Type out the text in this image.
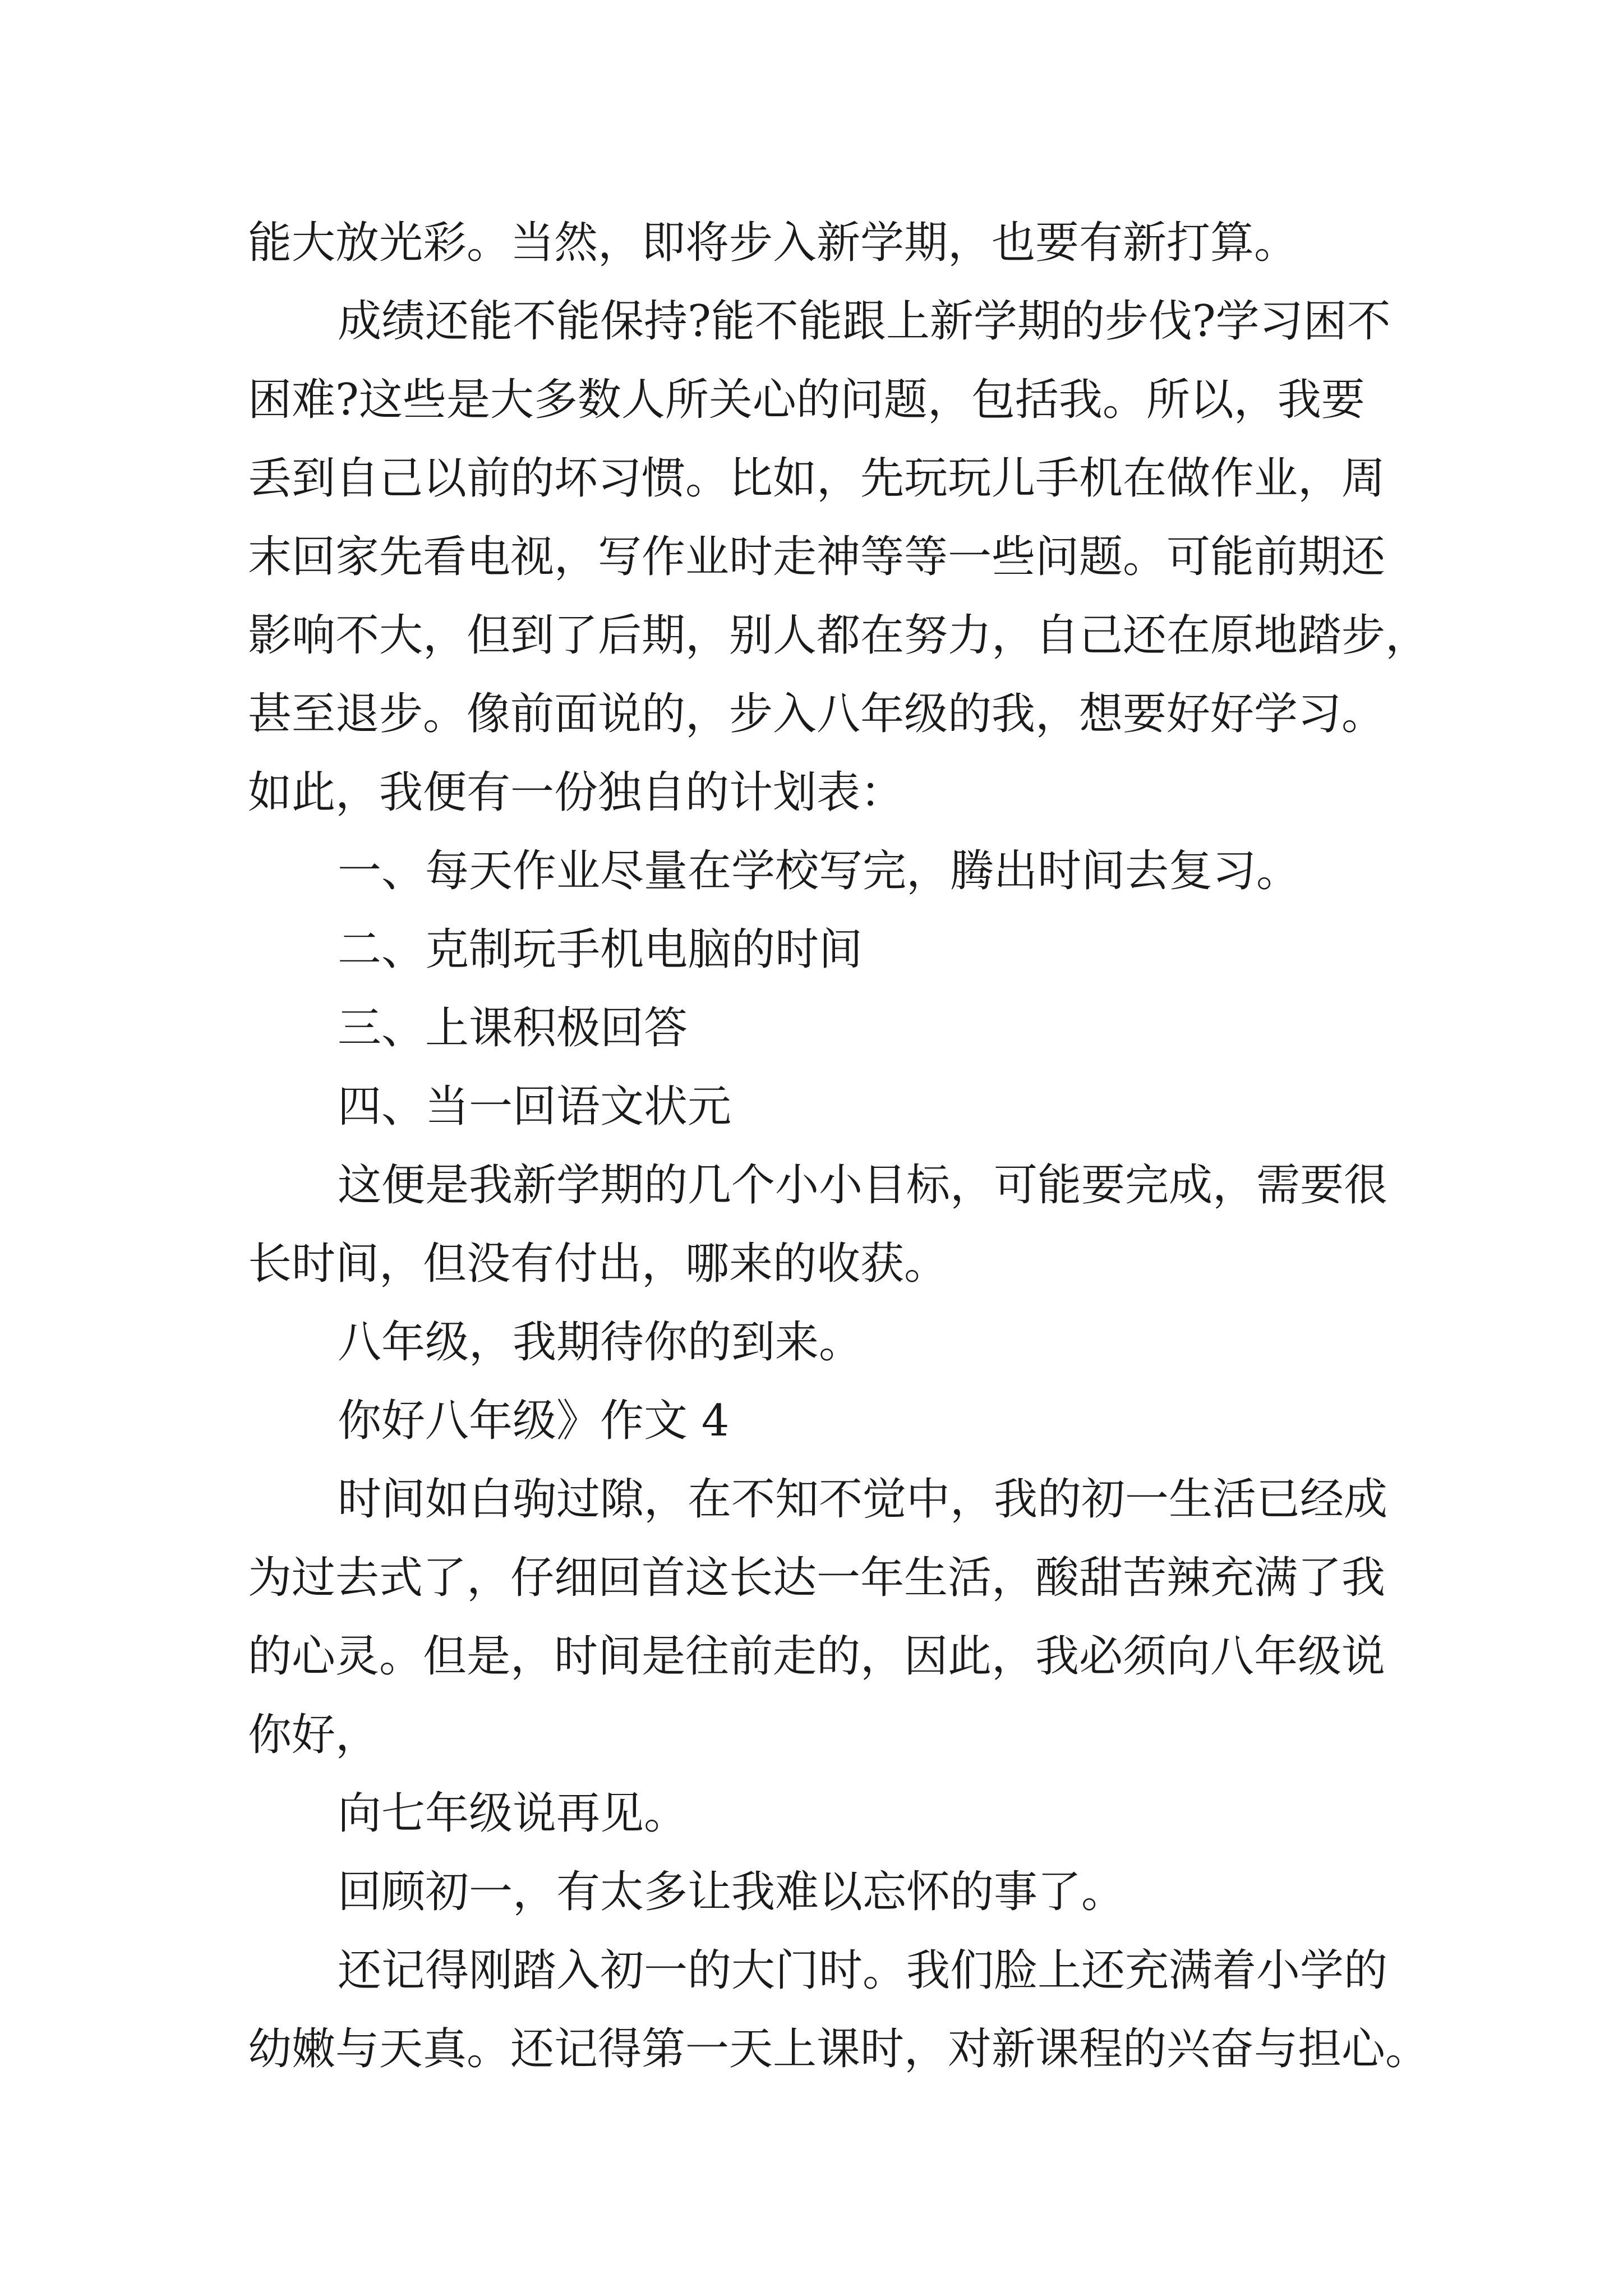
能大放光彩。当然，即将步入新学期，也要有新打算。
成绩还能不能保持?能不能跟上新学期的步伐?学习困不
困难?这些是大多数人所关心的问题，包括我。所以，我要
丢到自己以前的坏习惯。比如，先玩玩儿手机在做作业，周
末回家先看电视，写作业时走神等等一些问题。可能前期还
影响不大，但到了后期，别人都在努力，自己还在原地踏步，
甚至退步。像前面说的，步入八年级的我，想要好好学习。
如此，我便有一份独自的计划表：
一、每天作业尽量在学校写完，腾出时间去复习。
二、克制玩手机电脑的时间
三、上课积极回答
四、当一回语文状元
这便是我新学期的几个小小目标，可能要完成，需要很
长时间，但没有付出，哪来的收获。
八年级，我期待你的到来。
你好八年级》作文 4
时间如白驹过隙，在不知不觉中，我的初一生活已经成
为过去式了，仔细回首这长达一年生活，酸甜苦辣充满了我
的心灵。但是，时间是往前走的，因此，我必须向八年级说
你好，
向七年级说再见。
回顾初一，有太多让我难以忘怀的事了。
还记得刚踏入初一的大门时。我们脸上还充满着小学的
幼嫩与天真。还记得第一天上课时，对新课程的兴奋与担心。
